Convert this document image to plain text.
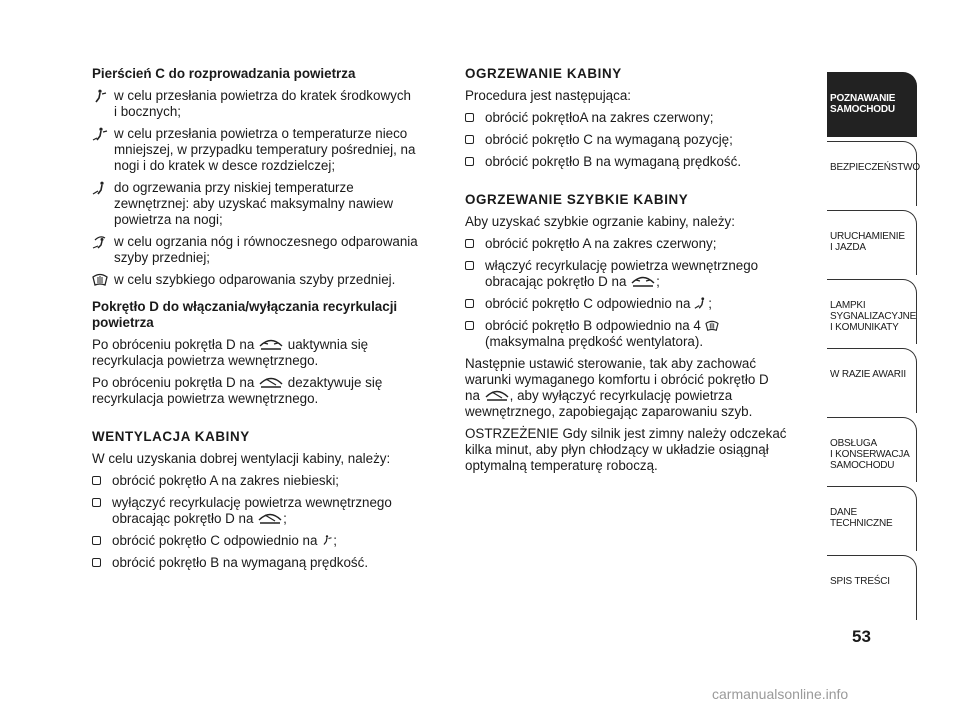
Pierścień C do rozprowadzania powietrza

w celu przesłania powietrza do kratek środkowych
i bocznych;
w celu przesłania powietrza o temperaturze nieco
mniejszej, w przypadku temperatury pośredniej, na
nogi i do kratek w desce rozdzielczej;
do ogrzewania przy niskiej temperaturze
zewnętrznej: aby uzyskać maksymalny nawiew
powietrza na nogi;
w celu ogrzania nóg i równoczesnego odparowania
szyby przedniej;
w celu szybkiego odparowania szyby przedniej.

Pokrętło D do włączania/wyłączania recyrkulacji
powietrza

Po obróceniu pokrętła D na uaktywnia się
recyrkulacja powietrza wewnętrznego.

Po obróceniu pokrętła D na dezaktywuje się
recyrkulacja powietrza wewnętrznego.

WENTYLACJA KABINY

W celu uzyskania dobrej wentylacji kabiny, należy:

obrócić pokrętło A na zakres niebieski;
wyłączyć recyrkulację powietrza wewnętrznego
obracając pokrętło D na ;
obrócić pokrętło C odpowiednio na ;
obrócić pokrętło B na wymaganą prędkość.

OGRZEWANIE KABINY

Procedura jest następująca:

obrócić pokrętłoA na zakres czerwony;
obrócić pokrętło C na wymaganą pozycję;
obrócić pokrętło B na wymaganą prędkość.

OGRZEWANIE SZYBKIE KABINY

Aby uzyskać szybkie ogrzanie kabiny, należy:

obrócić pokrętło A na zakres czerwony;
włączyć recyrkulację powietrza wewnętrznego
obracając pokrętło D na ;
obrócić pokrętło C odpowiednio na ;
obrócić pokrętło B odpowiednio na 4
(maksymalna prędkość wentylatora).

Następnie ustawić sterowanie, tak aby zachować
warunki wymaganego komfortu i obrócić pokrętło D
na , aby wyłączyć recyrkulację powietrza
wewnętrznego, zapobiegając zaparowaniu szyb.

OSTRZEŻENIE Gdy silnik jest zimny należy odczekać
kilka minut, aby płyn chłodzący w układzie osiągnął
optymalną temperaturę roboczą.

POZNAWANIE
SAMOCHODU
BEZPIECZEŃSTWO
URUCHAMIENIE
I JAZDA
LAMPKI
SYGNALIZACYJNE
I KOMUNIKATY
W RAZIE AWARII
OBSŁUGA
I KONSERWACJA
SAMOCHODU
DANE TECHNICZNE
SPIS TREŚCI
53
carmanualsonline.info
